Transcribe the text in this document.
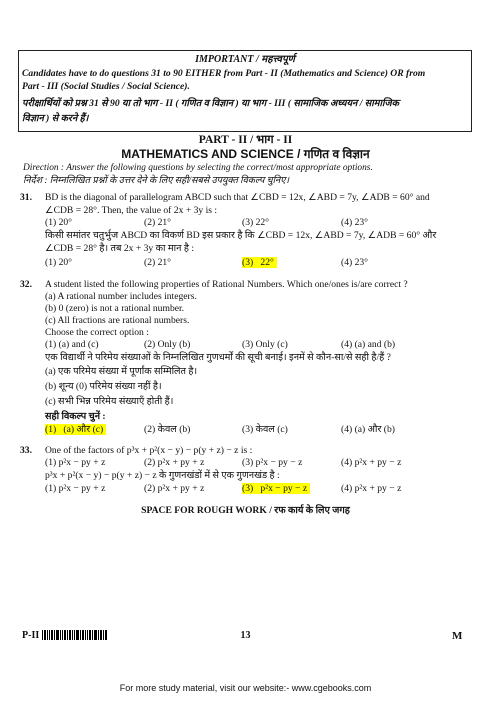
IMPORTANT / महत्त्वपूर्ण
Candidates have to do questions 31 to 90 EITHER from Part - II (Mathematics and Science) OR from
Part - III (Social Studies / Social Science).
परीक्षार्थियों को प्रश्न 31 से 90 या तो भाग - II ( गणित व विज्ञान ) या भाग - III ( सामाजिक अध्ययन / सामाजिक
विज्ञान ) से करने हैं।
PART - II / भाग - II
MATHEMATICS AND SCIENCE / गणित व विज्ञान
Direction : Answer the following questions by selecting the correct/most appropriate options.
निर्देश : निम्नलिखित प्रश्नों के उत्तर देने के लिए सही/सबसे उपयुक्त विकल्प चुनिए।
31. BD is the diagonal of parallelogram ABCD such that ∠CBD = 12x, ∠ABD = 7y, ∠ADB = 60° and
∠CDB = 28°. Then, the value of 2x + 3y is :
(1) 20°	(2) 21°	(3) 22°	(4) 23°
किसी समांतर चतुर्भुज ABCD का विकर्ण BD इस प्रकार है कि ∠CBD = 12x, ∠ABD = 7y, ∠ADB = 60° और
∠CDB = 28° है। तब 2x + 3y का मान है :
(1) 20°	(2) 21°	(3) 22°	(4) 23°
32. A student listed the following properties of Rational Numbers. Which one/ones is/are correct ?
(a) A rational number includes integers.
(b) 0 (zero) is not a rational number.
(c) All fractions are rational numbers.
Choose the correct option :
(1) (a) and (c)	(2) Only (b)	(3) Only (c)	(4) (a) and (b)
एक विद्यार्थी ने परिमेय संख्याओं के निम्नलिखित गुणधर्मों की सूची बनाई। इनमें से कौन-सा/से सही है/हैं ?
(a) एक परिमेय संख्या में पूर्णांक सम्मिलित है।
(b) शून्य (0) परिमेय संख्या नहीं है।
(c) सभी भिन्न परिमेय संख्याएँ होती हैं।
सही विकल्प चुनें :
(1) (a) और (c)	(2) केवल (b)	(3) केवल (c)	(4) (a) और (b)
33. One of the factors of p³x + p²(x − y) − p(y + z) − z is :
(1) p²x − py + z	(2) p²x + py + z	(3) p²x − py − z	(4) p²x + py − z
p³x + p²(x − y) − p(y + z) − z के गुणनखंडों में से एक गुणनखंड है :
(1) p²x − py + z	(2) p²x + py + z	(3) p²x − py − z	(4) p²x + py − z
SPACE FOR ROUGH WORK / रफ कार्य के लिए जगह
P-II	13	M
For more study material, visit our website:- www.cgebooks.com
